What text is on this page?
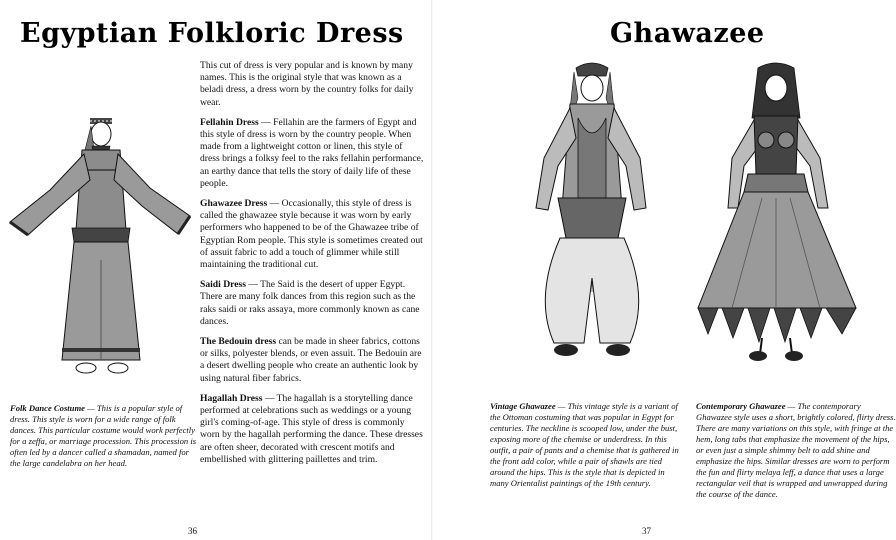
Egyptian Folkloric Dress

This cut of dress is very popular and is known by many names. This is the original style that was known as a beladi dress, a dress worn by the country folks for daily wear.

Fellahin Dress — Fellahin are the farmers of Egypt and this style of dress is worn by the country people. When made from a lightweight cotton or linen, this style of dress brings a folksy feel to the raks fellahin performance, an earthy dance that tells the story of daily life of these people.

Ghawazee Dress — Occasionally, this style of dress is called the ghawazee style because it was worn by early performers who happened to be of the Ghawazee tribe of Egyptian Rom people. This style is sometimes created out of assuit fabric to add a touch of glimmer while still maintaining the traditional cut.

Saidi Dress — The Said is the desert of upper Egypt. There are many folk dances from this region such as the raks saidi or raks assaya, more commonly known as cane dances.

The Bedouin dress can be made in sheer fabrics, cottons or silks, polyester blends, or even assuit. The Bedouin are a desert dwelling people who create an authentic look by using natural fiber fabrics.

Hagallah Dress — The hagallah is a storytelling dance performed at celebrations such as weddings or a young girl's coming-of-age. This style of dress is commonly worn by the hagallah performing the dance. These dresses are often sheer, decorated with crescent motifs and embellished with glittering paillettes and trim.

Folk Dance Costume — This is a popular style of dress. This style is worn for a wide range of folk dances. This particular costume would work perfectly for a zeffa, or marriage procession. This procession is often led by a dancer called a shamadan, named for the large candelabra on her head.

36
Ghawazee

Vintage Ghawazee — This vintage style is a variant of the Ottoman costuming that was popular in Egypt for centuries. The neckline is scooped low, under the bust, exposing more of the chemise or underdress. In this outfit, a pair of pants and a chemise that is gathered in the front add color, while a pair of shawls are tied around the hips. This is the style that is depicted in many Orientalist paintings of the 19th century.

Contemporary Ghawazee — The contemporary Ghawazee style uses a short, brightly colored, flirty dress. There are many variations on this style, with fringe at the hem, long tabs that emphasize the movement of the hips, or even just a simple shimmy belt to add shine and emphasize the hips. Similar dresses are worn to perform the fun and flirty melaya leff, a dance that uses a large rectangular veil that is wrapped and unwrapped during the course of the dance.

37
